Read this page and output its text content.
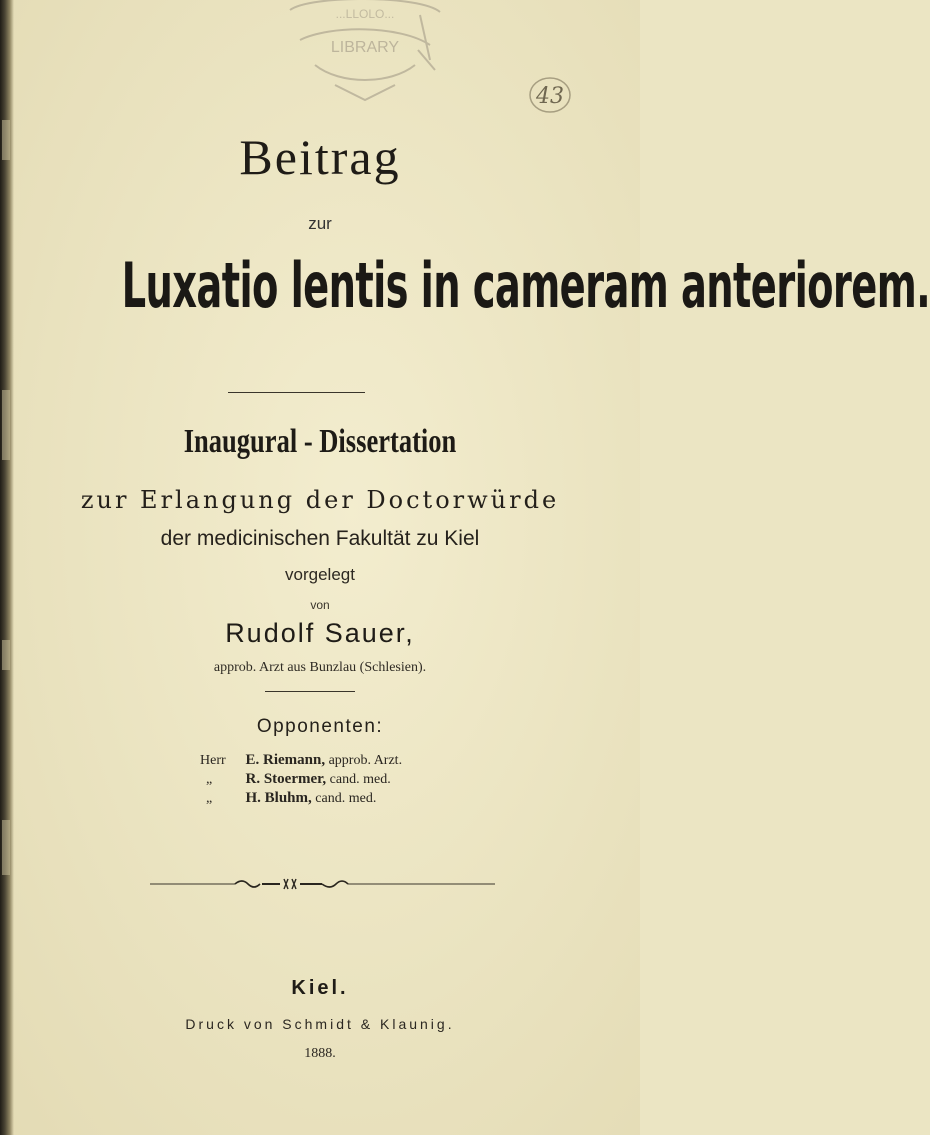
LIBRARY
...LLOLO...
43
Beitrag
zur
Luxatio lentis in cameram anteriorem.
Inaugural - Dissertation
zur Erlangung der Doctorwürde
der medicinischen Fakultät zu Kiel
vorgelegt
von
Rudolf Sauer,
approb. Arzt aus Bunzlau (Schlesien).
Opponenten:
Herr E. Riemann, approb. Arzt.
„ R. Stoermer, cand. med.
„ H. Bluhm, cand. med.
Kiel.
Druck von Schmidt & Klaunig.
1888.
